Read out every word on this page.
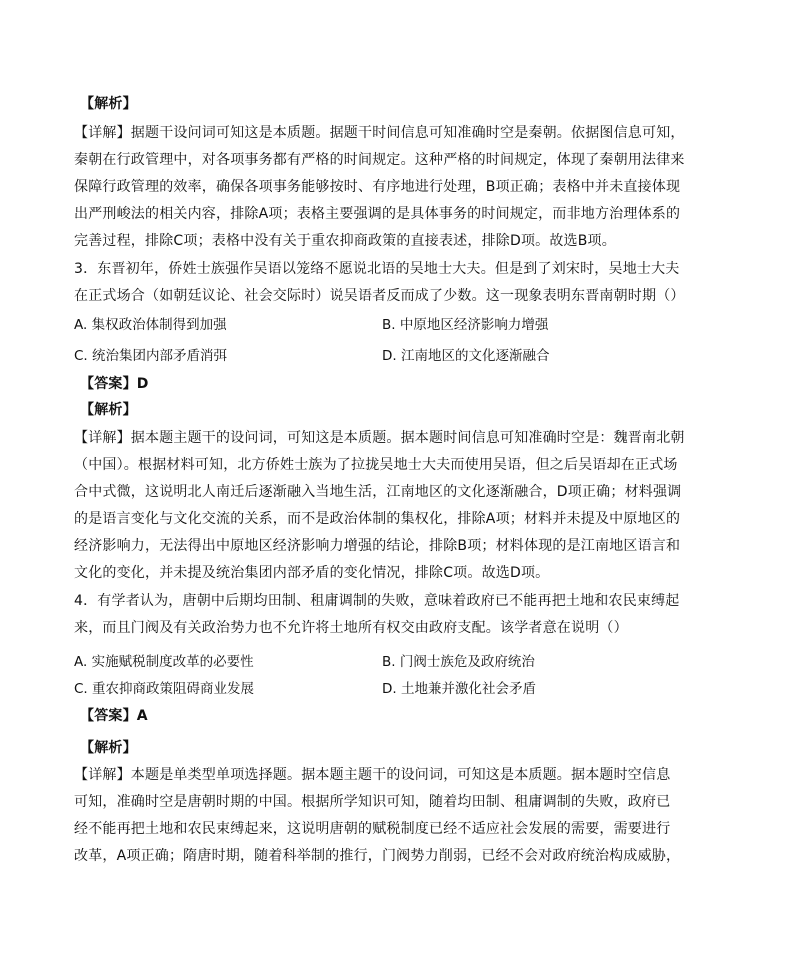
【解析】
【详解】据题干设问词可知这是本质题。据题干时间信息可知准确时空是秦朝。依据图信息可知，
秦朝在行政管理中，对各项事务都有严格的时间规定。这种严格的时间规定，体现了秦朝用法律来
保障行政管理的效率，确保各项事务能够按时、有序地进行处理，B项正确；表格中并未直接体现
出严刑峻法的相关内容，排除A项；表格主要强调的是具体事务的时间规定，而非地方治理体系的
完善过程，排除C项；表格中没有关于重农抑商政策的直接表述，排除D项。故选B项。
3．东晋初年，侨姓士族强作吴语以笼络不愿说北语的吴地士大夫。但是到了刘宋时，吴地士大夫
在正式场合（如朝廷议论、社会交际时）说吴语者反而成了少数。这一现象表明东晋南朝时期（）
A. 集权政治体制得到加强	B. 中原地区经济影响力增强
C. 统治集团内部矛盾消弭	D. 江南地区的文化逐渐融合
【答案】D
【解析】
【详解】据本题主题干的设问词，可知这是本质题。据本题时间信息可知准确时空是：魏晋南北朝
（中国）。根据材料可知，北方侨姓士族为了拉拢吴地士大夫而使用吴语，但之后吴语却在正式场
合中式微，这说明北人南迁后逐渐融入当地生活，江南地区的文化逐渐融合，D项正确；材料强调
的是语言变化与文化交流的关系，而不是政治体制的集权化，排除A项；材料并未提及中原地区的
经济影响力，无法得出中原地区经济影响力增强的结论，排除B项；材料体现的是江南地区语言和
文化的变化，并未提及统治集团内部矛盾的变化情况，排除C项。故选D项。
4．有学者认为，唐朝中后期均田制、租庸调制的失败，意味着政府已不能再把土地和农民束缚起
来，而且门阀及有关政治势力也不允许将土地所有权交由政府支配。该学者意在说明（）
A. 实施赋税制度改革的必要性	B. 门阀士族危及政府统治
C. 重农抑商政策阻碍商业发展	D. 土地兼并激化社会矛盾
【答案】A
【解析】
【详解】本题是单类型单项选择题。据本题主题干的设问词，可知这是本质题。据本题时空信息
可知，准确时空是唐朝时期的中国。根据所学知识可知，随着均田制、租庸调制的失败，政府已
经不能再把土地和农民束缚起来，这说明唐朝的赋税制度已经不适应社会发展的需要，需要进行
改革，A项正确；隋唐时期，随着科举制的推行，门阀势力削弱，已经不会对政府统治构成威胁，
